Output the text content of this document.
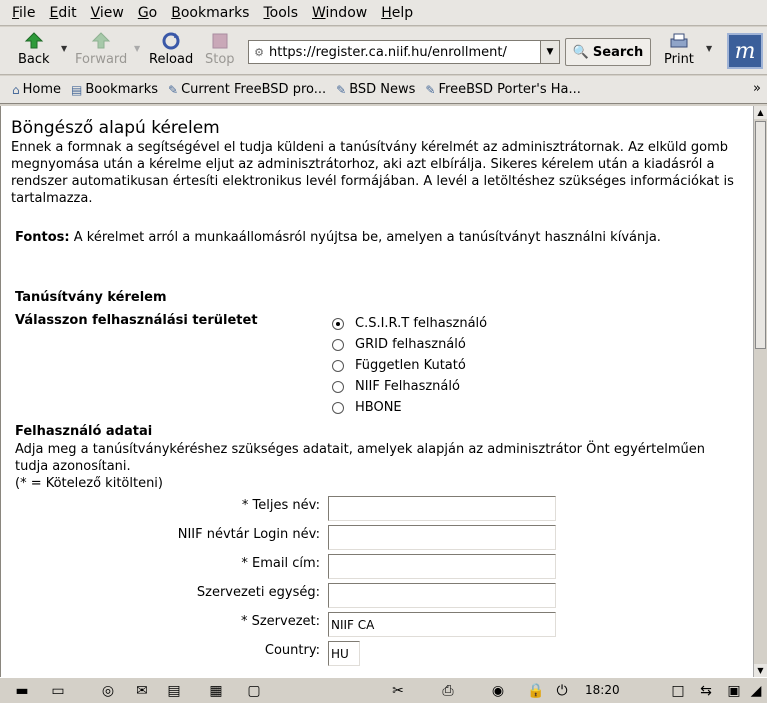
File Edit View Go Bookmarks Tools Window Help
Back
▼
Forward
▼
Reload Stop	⚙
https://register.ca.niif.hu/enrollment/	▼	🔍 Search Print
▼	m
⌂ Home ▤ Bookmarks ✎ Current FreeBSD pro... ✎ BSD News ✎ FreeBSD Porter's Ha...	»
Böngésző alapú kérelem
Ennek a formnak a segítségével el tudja küldeni a tanúsítvány kérelmét az adminisztrátornak. Az elküld gomb megnyomása után a kérelme eljut az adminisztrátorhoz, aki azt elbírálja. Sikeres kérelem után a kiadásról a rendszer automatikusan értesíti elektronikus levél formájában. A levél a letöltéshez szükséges információkat is tartalmazza.
Fontos: A kérelmet arról a munkaállomásról nyújtsa be, amelyen a tanúsítványt használni kívánja.
Tanúsítvány kérelem
Válasszon felhasználási területet	C.S.I.R.T felhasználó
GRID felhasználó
Független Kutató
NIIF Felhasználó
HBONE
Felhasználó adatai
Adja meg a tanúsítványkéréshez szükséges adatait, amelyek alapján az adminisztrátor Önt egyértelműen tudja azonosítani.
(* = Kötelező kitölteni)
* Teljes név:
NIIF névtár Login név:
* Email cím:
Szervezeti egység:
* Szervezet:
NIIF CA
Country:
HU
▲
▼
▬ ▭	◎ ✉ ▤ ▦ ▢	✂	⎙	◉ 🔒 ⏻	18:20	□ ⇆ ▣ ◢
